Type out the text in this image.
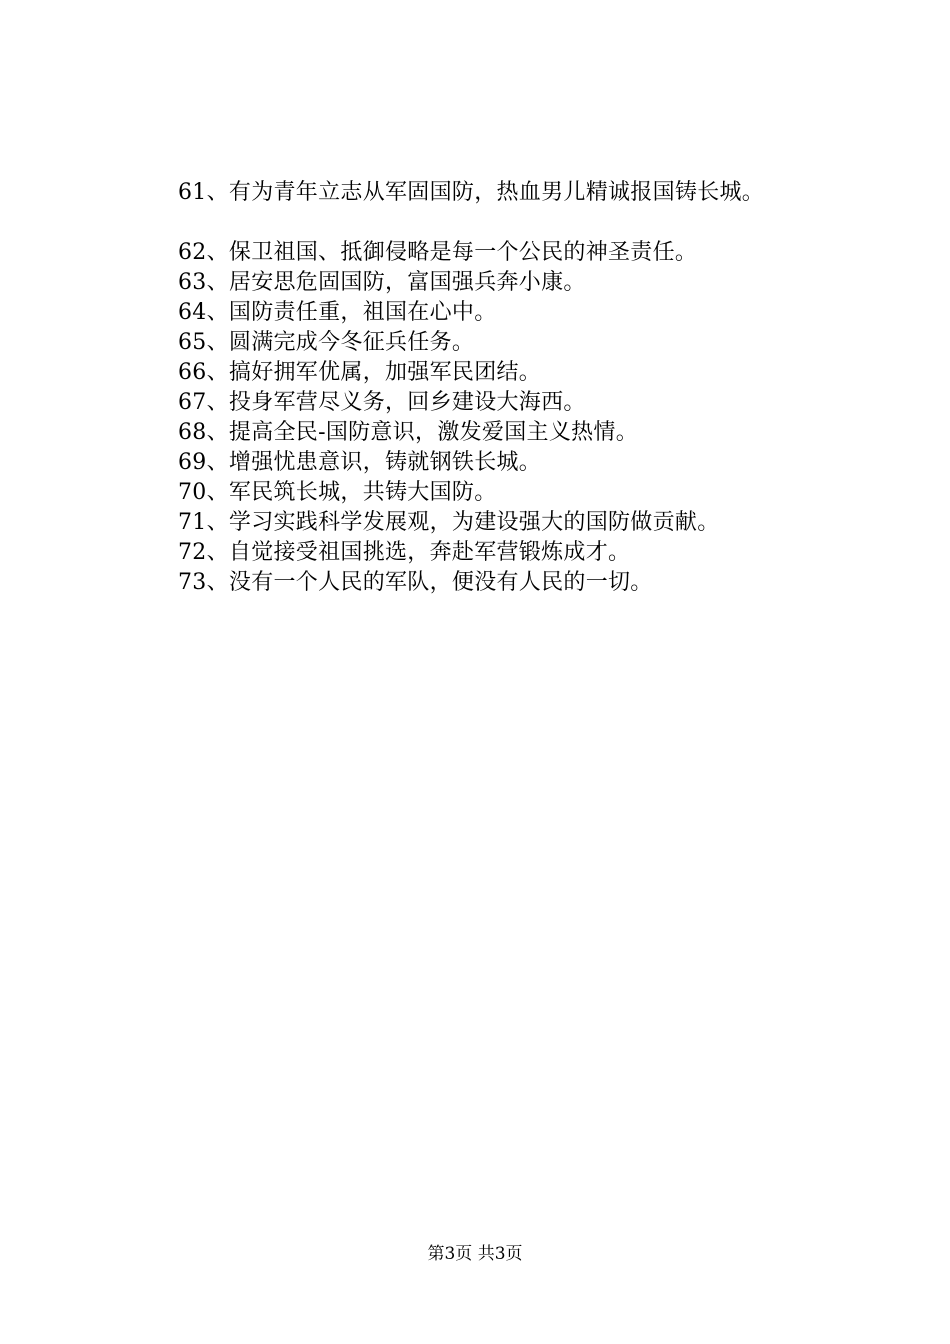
61、有为青年立志从军固国防，热血男儿精诚报国铸长城。
62、保卫祖国、抵御侵略是每一个公民的神圣责任。
63、居安思危固国防，富国强兵奔小康。
64、国防责任重，祖国在心中。
65、圆满完成今冬征兵任务。
66、搞好拥军优属，加强军民团结。
67、投身军营尽义务，回乡建设大海西。
68、提高全民-国防意识，激发爱国主义热情。
69、增强忧患意识，铸就钢铁长城。
70、军民筑长城，共铸大国防。
71、学习实践科学发展观，为建设强大的国防做贡献。
72、自觉接受祖国挑选，奔赴军营锻炼成才。
73、没有一个人民的军队，便没有人民的一切。
第3页 共3页
